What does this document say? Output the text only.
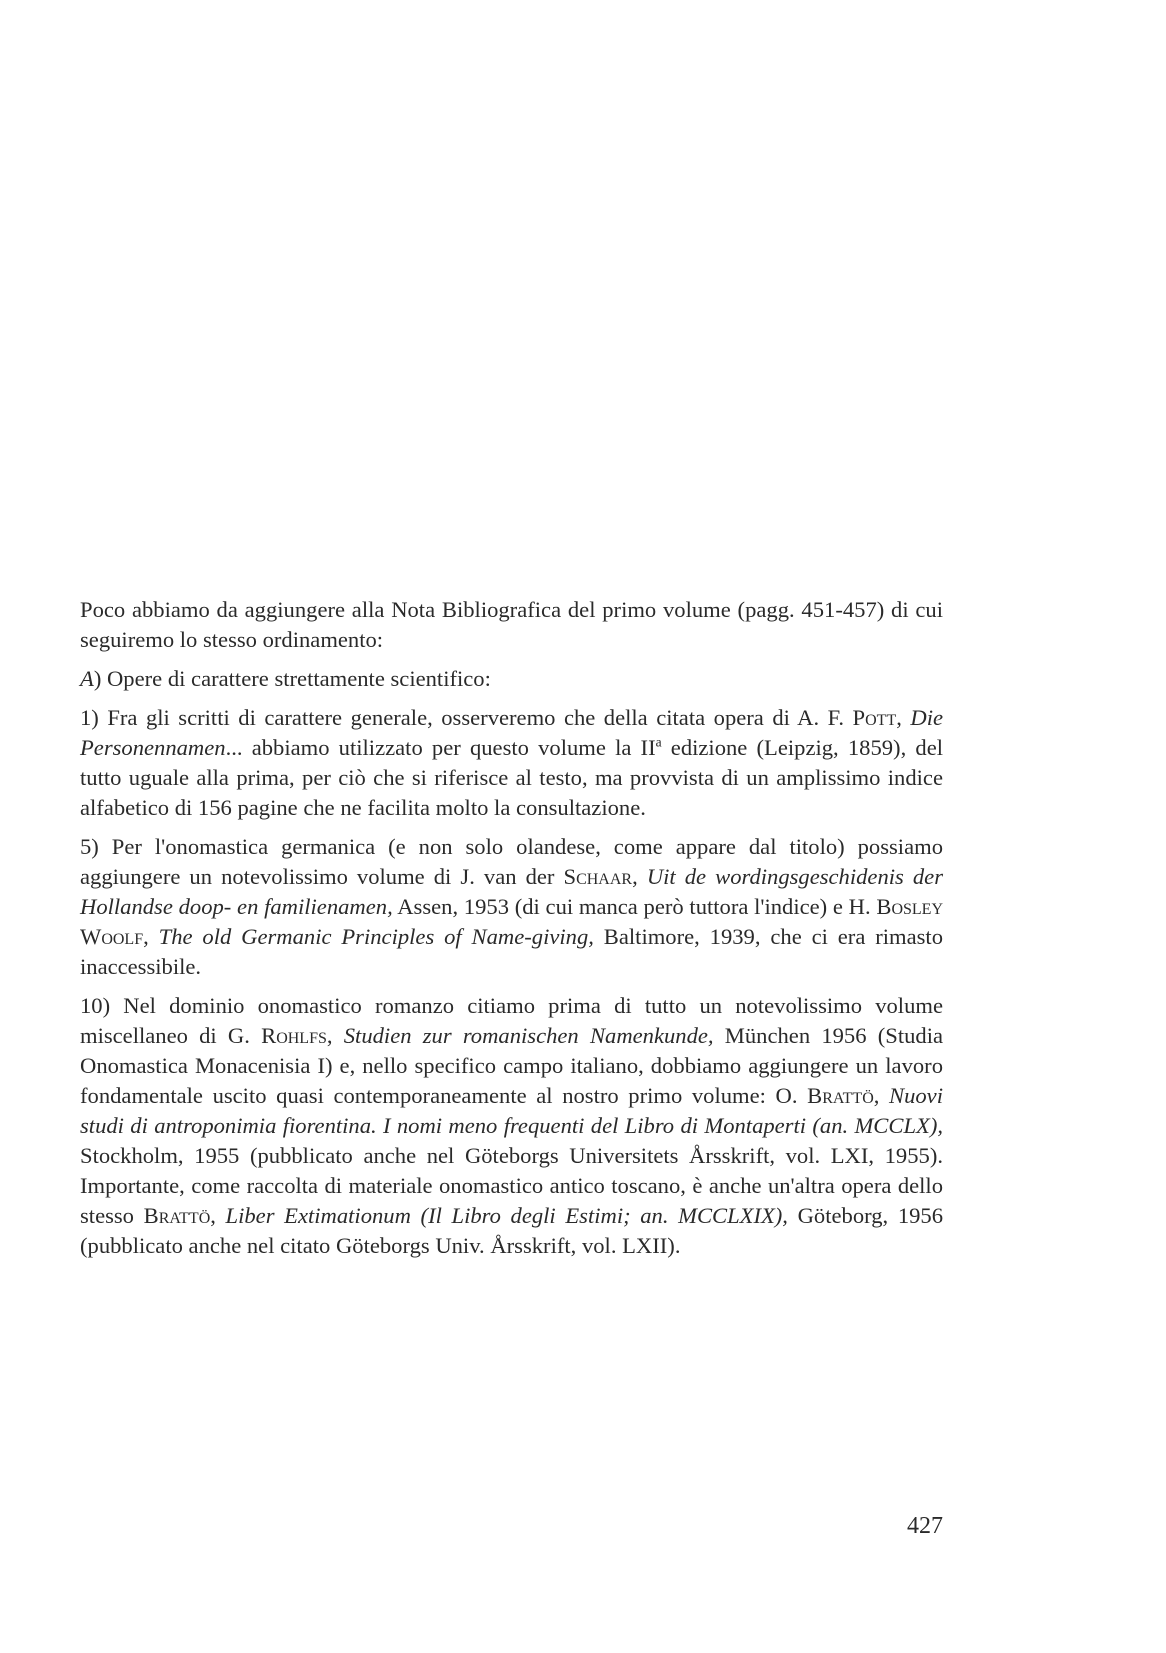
Poco abbiamo da aggiungere alla Nota Bibliografica del primo volume (pagg. 451-457) di cui seguiremo lo stesso ordinamento:

A) Opere di carattere strettamente scientifico:

1) Fra gli scritti di carattere generale, osserveremo che della citata opera di A. F. Pott, Die Personennamen... abbiamo utilizzato per questo volume la $II^a$ edizione (Leipzig, 1859), del tutto uguale alla prima, per ciò che si riferisce al testo, ma provvista di un amplissimo indice alfabetico di 156 pagine che ne facilita molto la consultazione.

5) Per l'onomastica germanica (e non solo olandese, come appare dal titolo) possiamo aggiungere un notevolissimo volume di J. van der Schaar, Uit de wordingsgeschidenis der Hollandse doop- en familienamen, Assen, 1953 (di cui manca però tuttora l'indice) e H. Bosley Woolf, The old Germanic Principles of Name-giving, Baltimore, 1939, che ci era rimasto inaccessibile.

10) Nel dominio onomastico romanzo citiamo prima di tutto un notevolissimo volume miscellaneo di G. Rohlfs, Studien zur romanischen Namenkunde, München 1956 (Studia Onomastica Monacenisia I) e, nello specifico campo italiano, dobbiamo aggiungere un lavoro fondamentale uscito quasi contemporaneamente al nostro primo volume: O. Brattö, Nuovi studi di antroponimia fiorentina. I nomi meno frequenti del Libro di Montaperti (an. MCCLX), Stockholm, 1955 (pubblicato anche nel Göteborgs Universitets Årsskrift, vol. LXI, 1955). Importante, come raccolta di materiale onomastico antico toscano, è anche un'altra opera dello stesso Brattö, Liber Extimationum (Il Libro degli Estimi; an. MCCLXIX), Göteborg, 1956 (pubblicato anche nel citato Göteborgs Univ. Årsskrift, vol. LXII).

427
